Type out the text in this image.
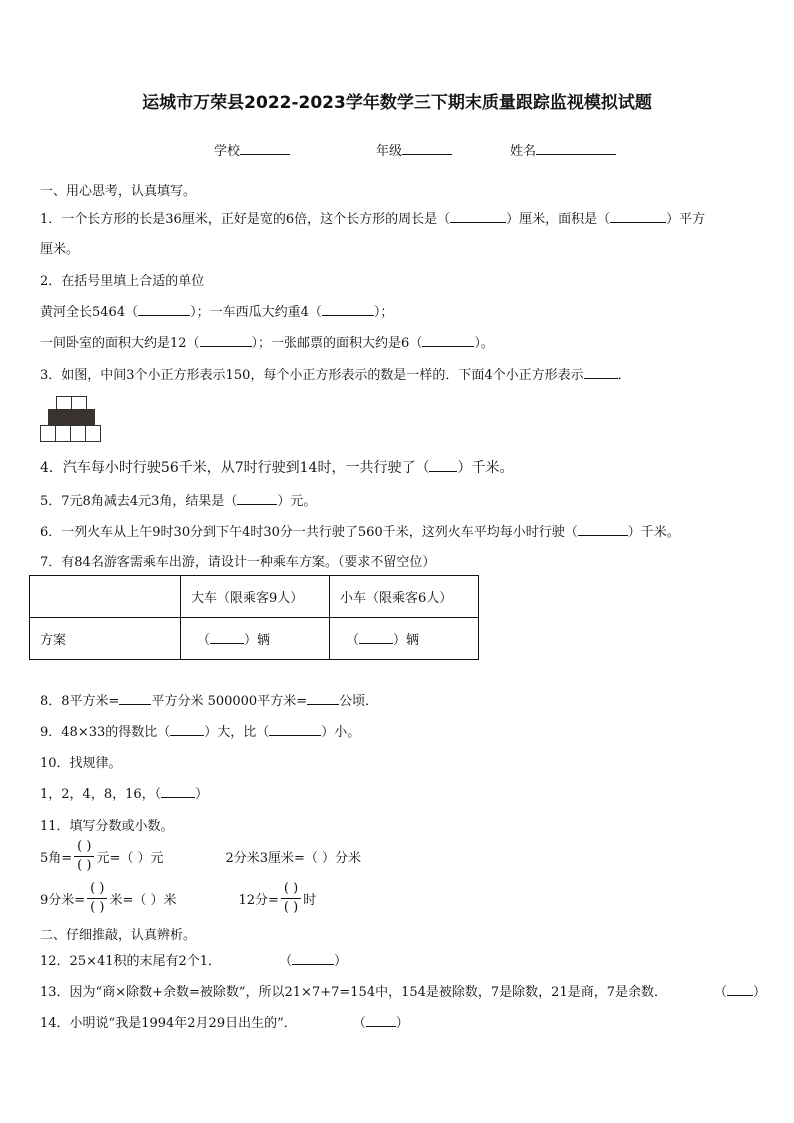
运城市万荣县2022-2023学年数学三下期末质量跟踪监视模拟试题
学校	年级	姓名
一、用心思考，认真填写。
1．一个长方形的长是36厘米，正好是宽的6倍，这个长方形的周长是（	）厘米，面积是（	）平方
厘米。
2．在括号里填上合适的单位
黄河全长5464（	）；一车西瓜大约重4（	）；
一间卧室的面积大约是12（	）；一张邮票的面积大约是6（	）。
3．如图，中间3个小正方形表示150，每个小正方形表示的数是一样的．下面4个小正方形表示	．
4．汽车每小时行驶56千米，从7时行驶到14时，一共行驶了（ ）千米。
5．7元8角减去4元3角，结果是（	）元。
6．一列火车从上午9时30分到下午4时30分一共行驶了560千米，这列火车平均每小时行驶（	）千米。
7．有84名游客需乘车出游，请设计一种乘车方案。（要求不留空位）
	大车（限乘客9人）	小车（限乘客6人）
方案	（ ）辆	（ ）辆
8．8平方米= 平方分米 500000平方米= 公顷．
9．48×33的得数比（	）大，比（	）小。
10．找规律。
1，2，4，8，16，（	）
11．填写分数或小数。
5角= $\frac{( )}{( )}$ 元=（ ）元	2分米3厘米=（ ）分米
9分米= $\frac{( )}{( )}$ 米=（ ）米	12分= $\frac{( )}{( )}$ 时
二、仔细推敲，认真辨析。
12．25×41积的末尾有2个1．	（	）
13．因为“商×除数+余数=被除数”，所以21×7+7=154中，154是被除数，7是除数，21是商，7是余数．	（ ）
14．小明说“我是1994年2月29日出生的”．	（ ）
